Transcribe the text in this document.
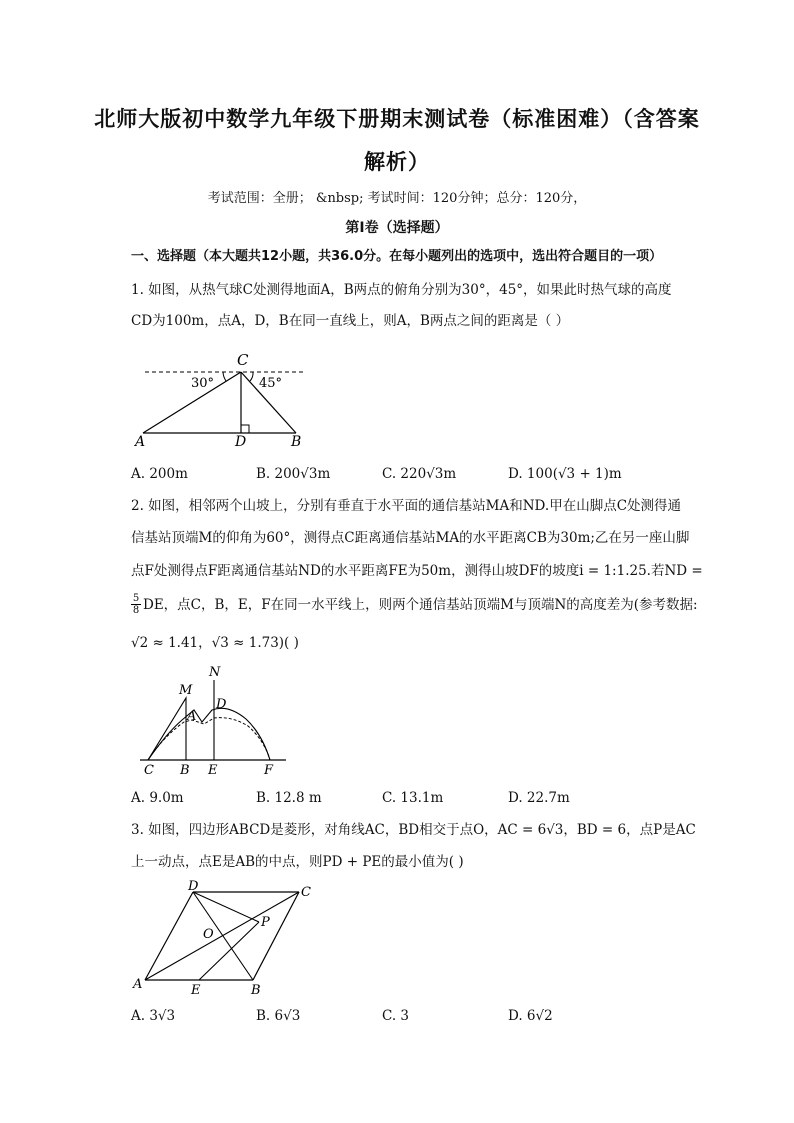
北师大版初中数学九年级下册期末测试卷（标准困难）（含答案
解析）
考试范围：全册； &nbsp; 考试时间：120分钟；总分：120分，
第I卷（选择题）
一、选择题（本大题共12小题，共36.0分。在每小题列出的选项中，选出符合题目的一项）
1. 如图，从热气球C处测得地面A，B两点的俯角分别为30°，45°，如果此时热气球的高度
CD为100m，点A，D，B在同一直线上，则A，B两点之间的距离是（ ）
C
30°	45°
A	D	B
A. 200m	B. 200√3m	C. 220√3m	D. 100(√3 + 1)m
2. 如图，相邻两个山坡上，分别有垂直于水平面的通信基站MA和ND.甲在山脚点C处测得通
信基站顶端M的仰角为60°，测得点C距离通信基站MA的水平距离CB为30m;乙在另一座山脚
点F处测得点F距离通信基站ND的水平距离FE为50m，测得山坡DF的坡度i = 1:1.25.若ND =
$\frac{5}{8}$ DE，点C，B，E，F在同一水平线上，则两个通信基站顶端M与顶端N的高度差为(参考数据:
√2 ≈ 1.41，√3 ≈ 1.73)( )
N
M
D
A
C B E	F
A. 9.0m	B. 12.8 m	C. 13.1m	D. 22.7m
3. 如图，四边形ABCD是菱形，对角线AC，BD相交于点O，AC = 6√3，BD = 6，点P是AC
上一动点，点E是AB的中点，则PD + PE的最小值为( )
D	C
P
O
A	E	B
A. 3√3	B. 6√3	C. 3	D. 6√2
